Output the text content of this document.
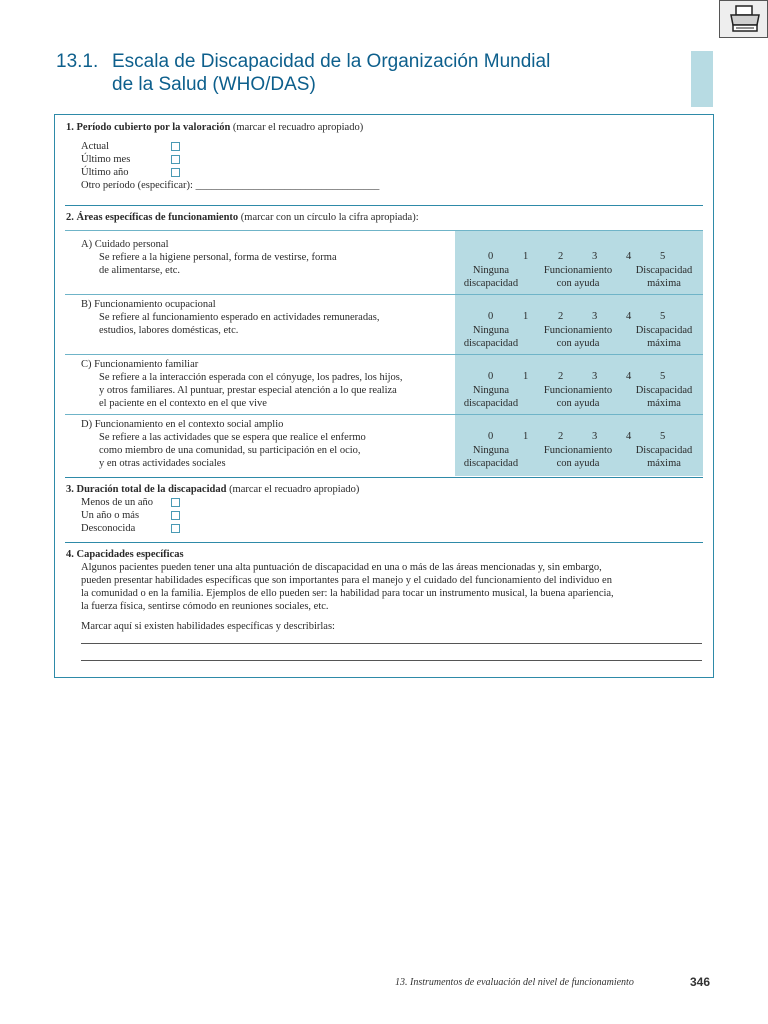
13.1. Escala de Discapacidad de la Organización Mundial
de la Salud (WHO/DAS)
1. Período cubierto por la valoración (marcar el recuadro apropiado)
Actual
Último mes
Último año
Otro período (especificar): ___________________________________
2. Áreas específicas de funcionamiento (marcar con un círculo la cifra apropiada):
A) Cuidado personal
Se refiere a la higiene personal, forma de vestirse, forma
de alimentarse, etc.
0	1	2	3	4	5
Ninguna
discapacidad
Funcionamiento
con ayuda
Discapacidad
máxima
B) Funcionamiento ocupacional
Se refiere al funcionamiento esperado en actividades remuneradas,
estudios, labores domésticas, etc.
0	1	2	3	4	5
Ninguna
discapacidad
Funcionamiento
con ayuda
Discapacidad
máxima
C) Funcionamiento familiar
Se refiere a la interacción esperada con el cónyuge, los padres, los hijos,
y otros familiares. Al puntuar, prestar especial atención a lo que realiza
el paciente en el contexto en el que vive
0	1	2	3	4	5
Ninguna
discapacidad
Funcionamiento
con ayuda
Discapacidad
máxima
D) Funcionamiento en el contexto social amplio
Se refiere a las actividades que se espera que realice el enfermo
como miembro de una comunidad, su participación en el ocio,
y en otras actividades sociales
0	1	2	3	4	5
Ninguna
discapacidad
Funcionamiento
con ayuda
Discapacidad
máxima
3. Duración total de la discapacidad (marcar el recuadro apropiado)
Menos de un año
Un año o más
Desconocida
4. Capacidades específicas
Algunos pacientes pueden tener una alta puntuación de discapacidad en una o más de las áreas mencionadas y, sin embargo,
pueden presentar habilidades específicas que son importantes para el manejo y el cuidado del funcionamiento del individuo en
la comunidad o en la familia. Ejemplos de ello pueden ser: la habilidad para tocar un instrumento musical, la buena apariencia,
la fuerza física, sentirse cómodo en reuniones sociales, etc.
Marcar aquí si existen habilidades específicas y describirlas:
13. Instrumentos de evaluación del nivel de funcionamiento	346
